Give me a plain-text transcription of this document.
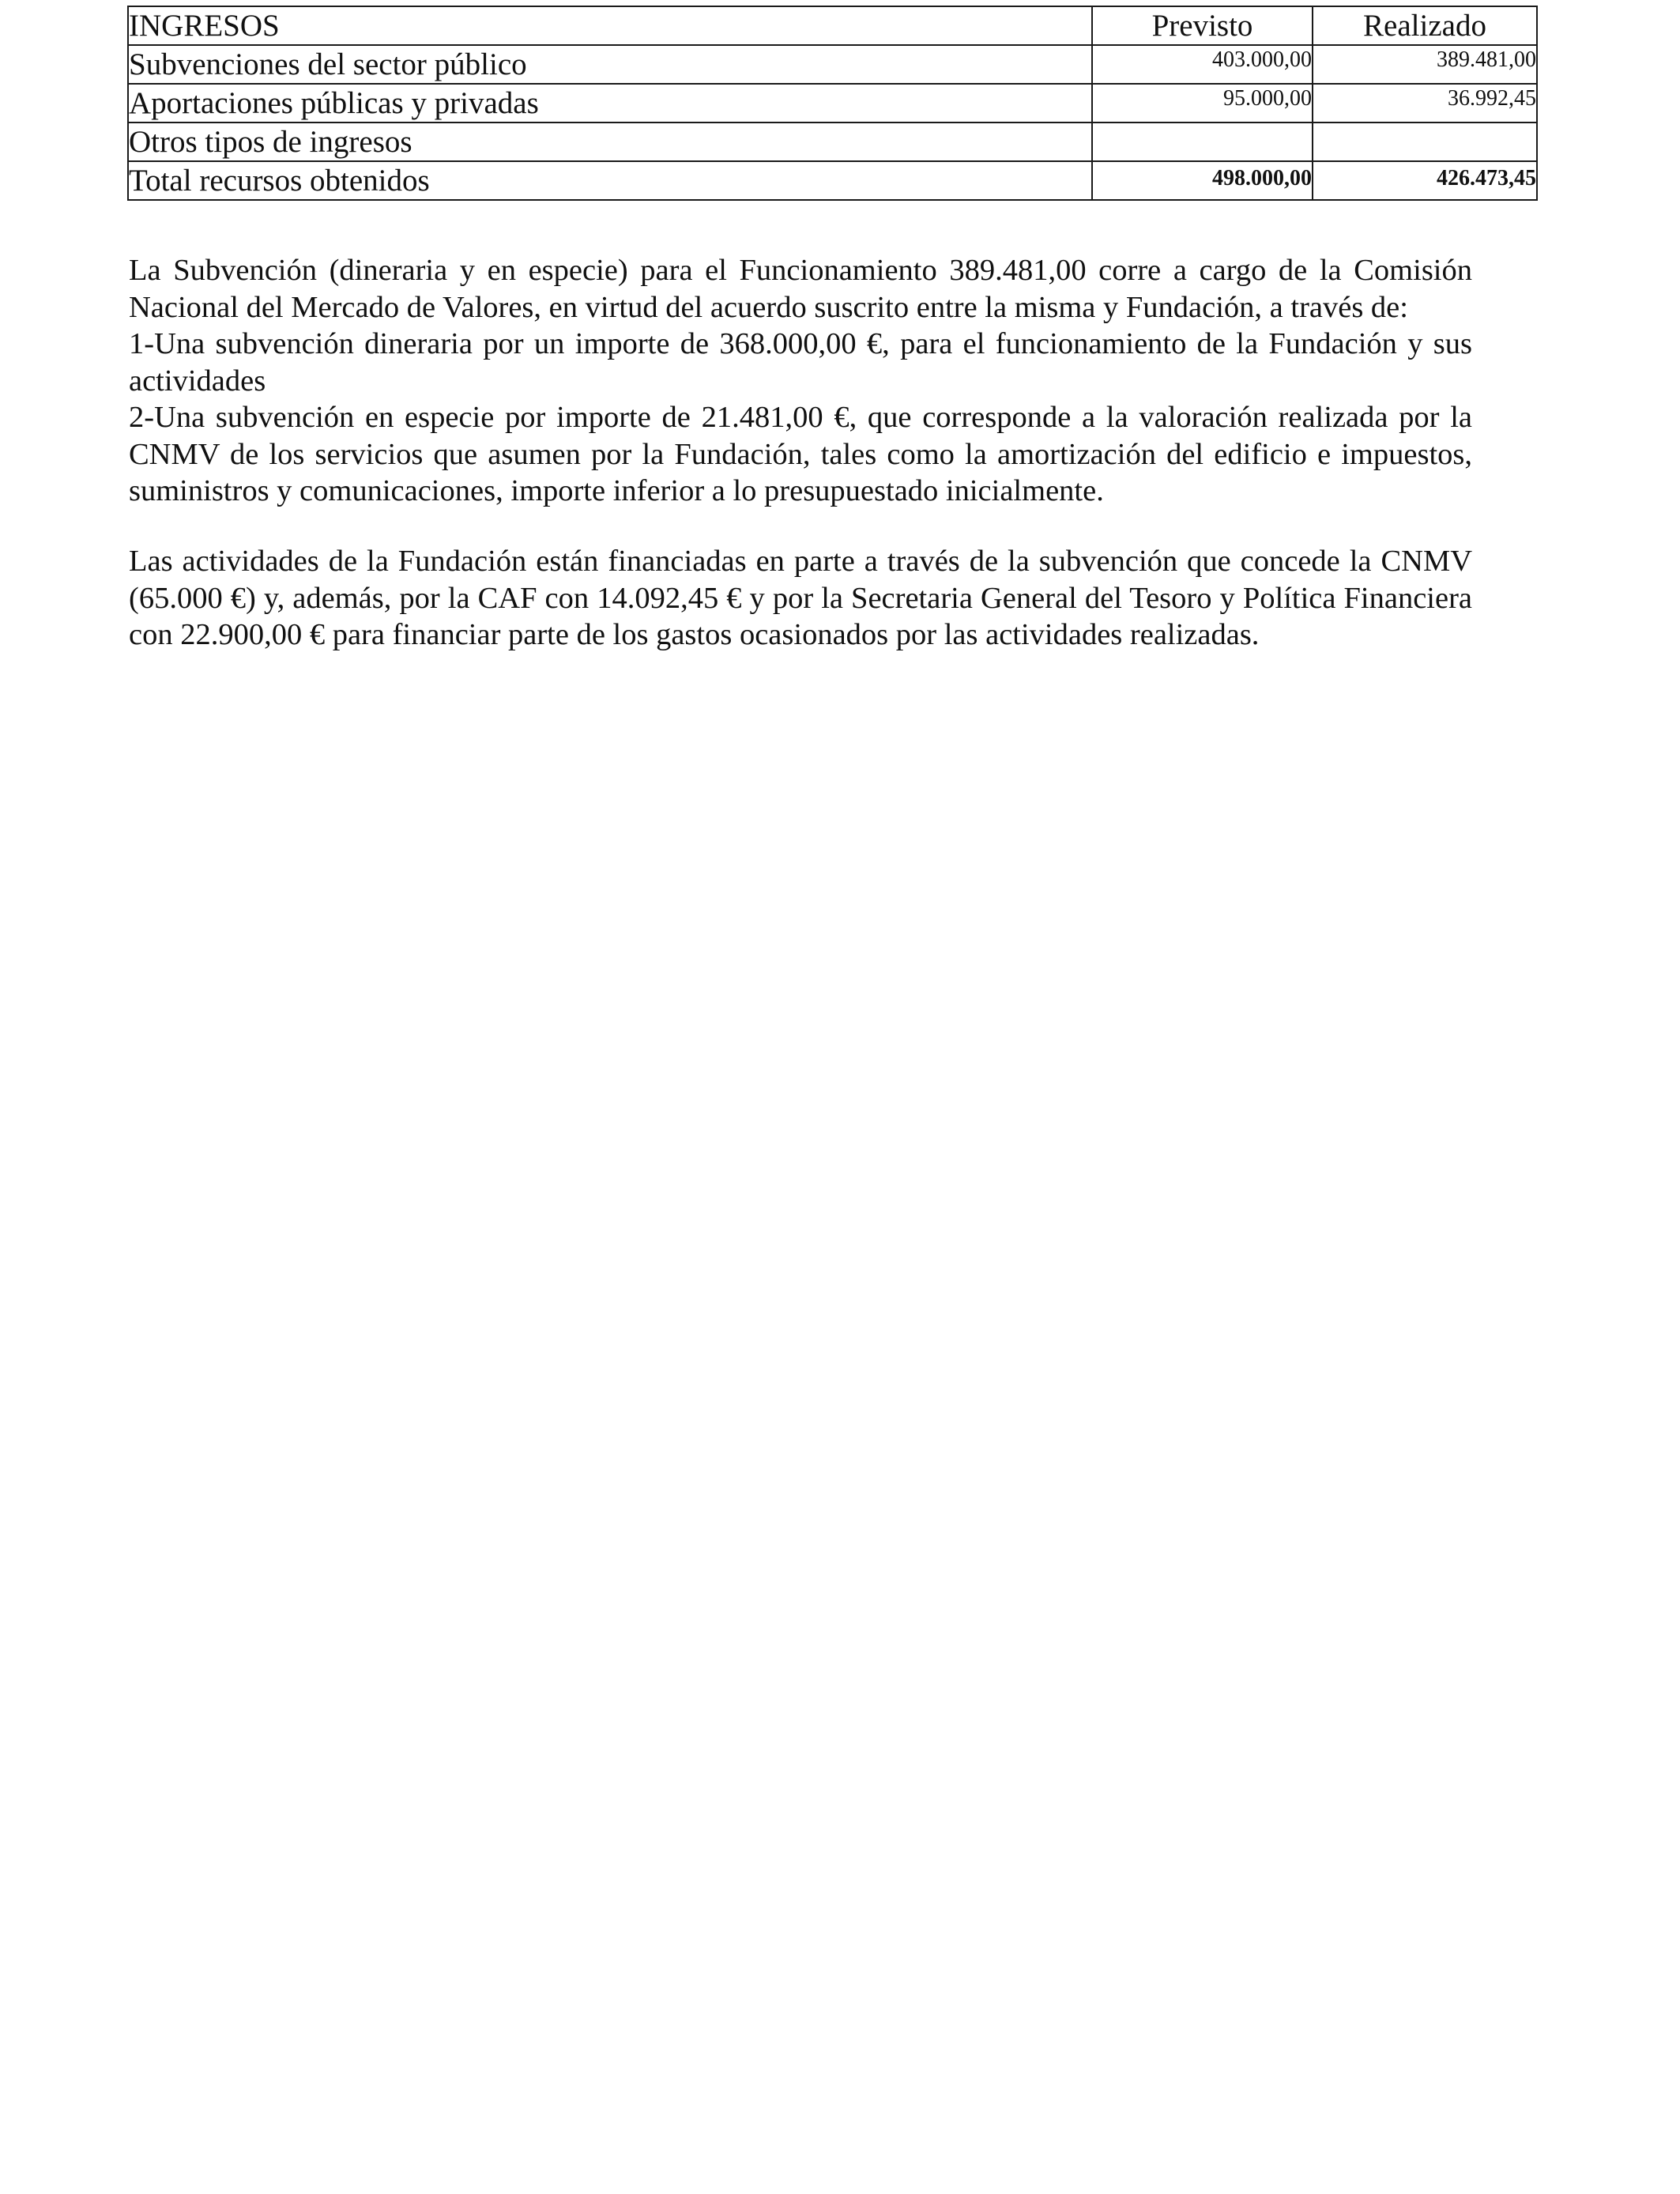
INGRESOS	Previsto	Realizado
Subvenciones del sector público	403.000,00	389.481,00
Aportaciones públicas y privadas	95.000,00	36.992,45
Otros tipos de ingresos		
Total recursos obtenidos	498.000,00	426.473,45

La Subvención (dineraria y en especie) para el Funcionamiento 389.481,00 corre a cargo de la Comisión Nacional del Mercado de Valores, en virtud del acuerdo suscrito entre la misma y Fundación, a través de:

1-Una subvención dineraria por un importe de 368.000,00 €, para el funcionamiento de la Fundación y sus actividades

2-Una subvención en especie por importe de 21.481,00 €, que corresponde a la valoración realizada por la CNMV de los servicios que asumen por la Fundación, tales como la amortización del edificio e impuestos, suministros y comunicaciones, importe inferior a lo presupuestado inicialmente.

Las actividades de la Fundación están financiadas en parte a través de la subvención que concede la CNMV (65.000 €) y, además, por la CAF con 14.092,45 € y por la Secretaria General del Tesoro y Política Financiera con 22.900,00 € para financiar parte de los gastos ocasionados por las actividades realizadas.
